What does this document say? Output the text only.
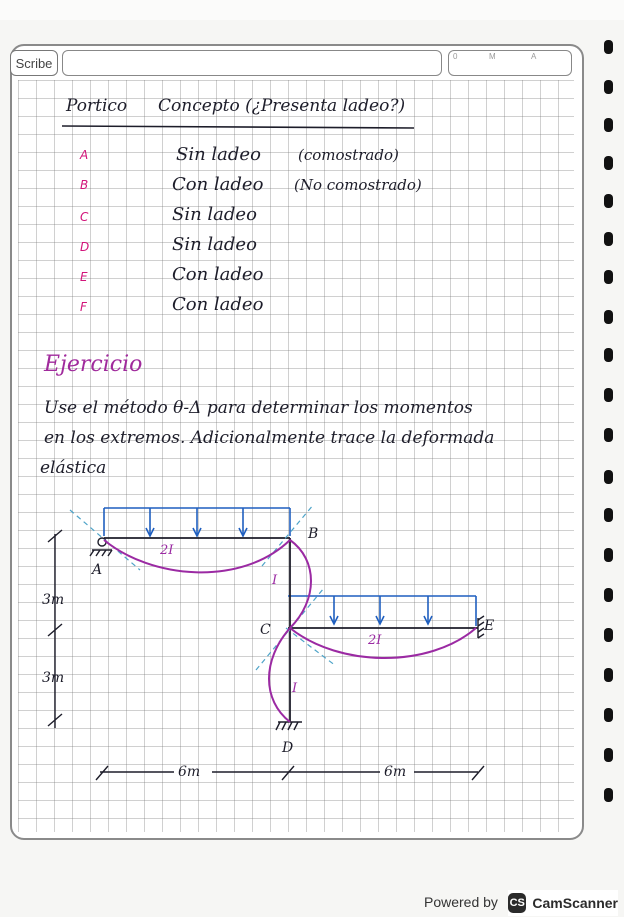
Scribe	0	M	A
Portico Concepto (¿Presenta ladeo?)
A	Sin ladeo (comostrado)
B	Con ladeo (No comostrado)
C	Sin ladeo
D	Sin ladeo
E	Con ladeo
F	Con ladeo
Ejercicio
Use el método θ-Δ para determinar los momentos
en los extremos. Adicionalmente trace la deformada
elástica
2I
I
2I
I
A
B
C
D
E
3m
3m
6m	6m
Powered by CS CamScanner
